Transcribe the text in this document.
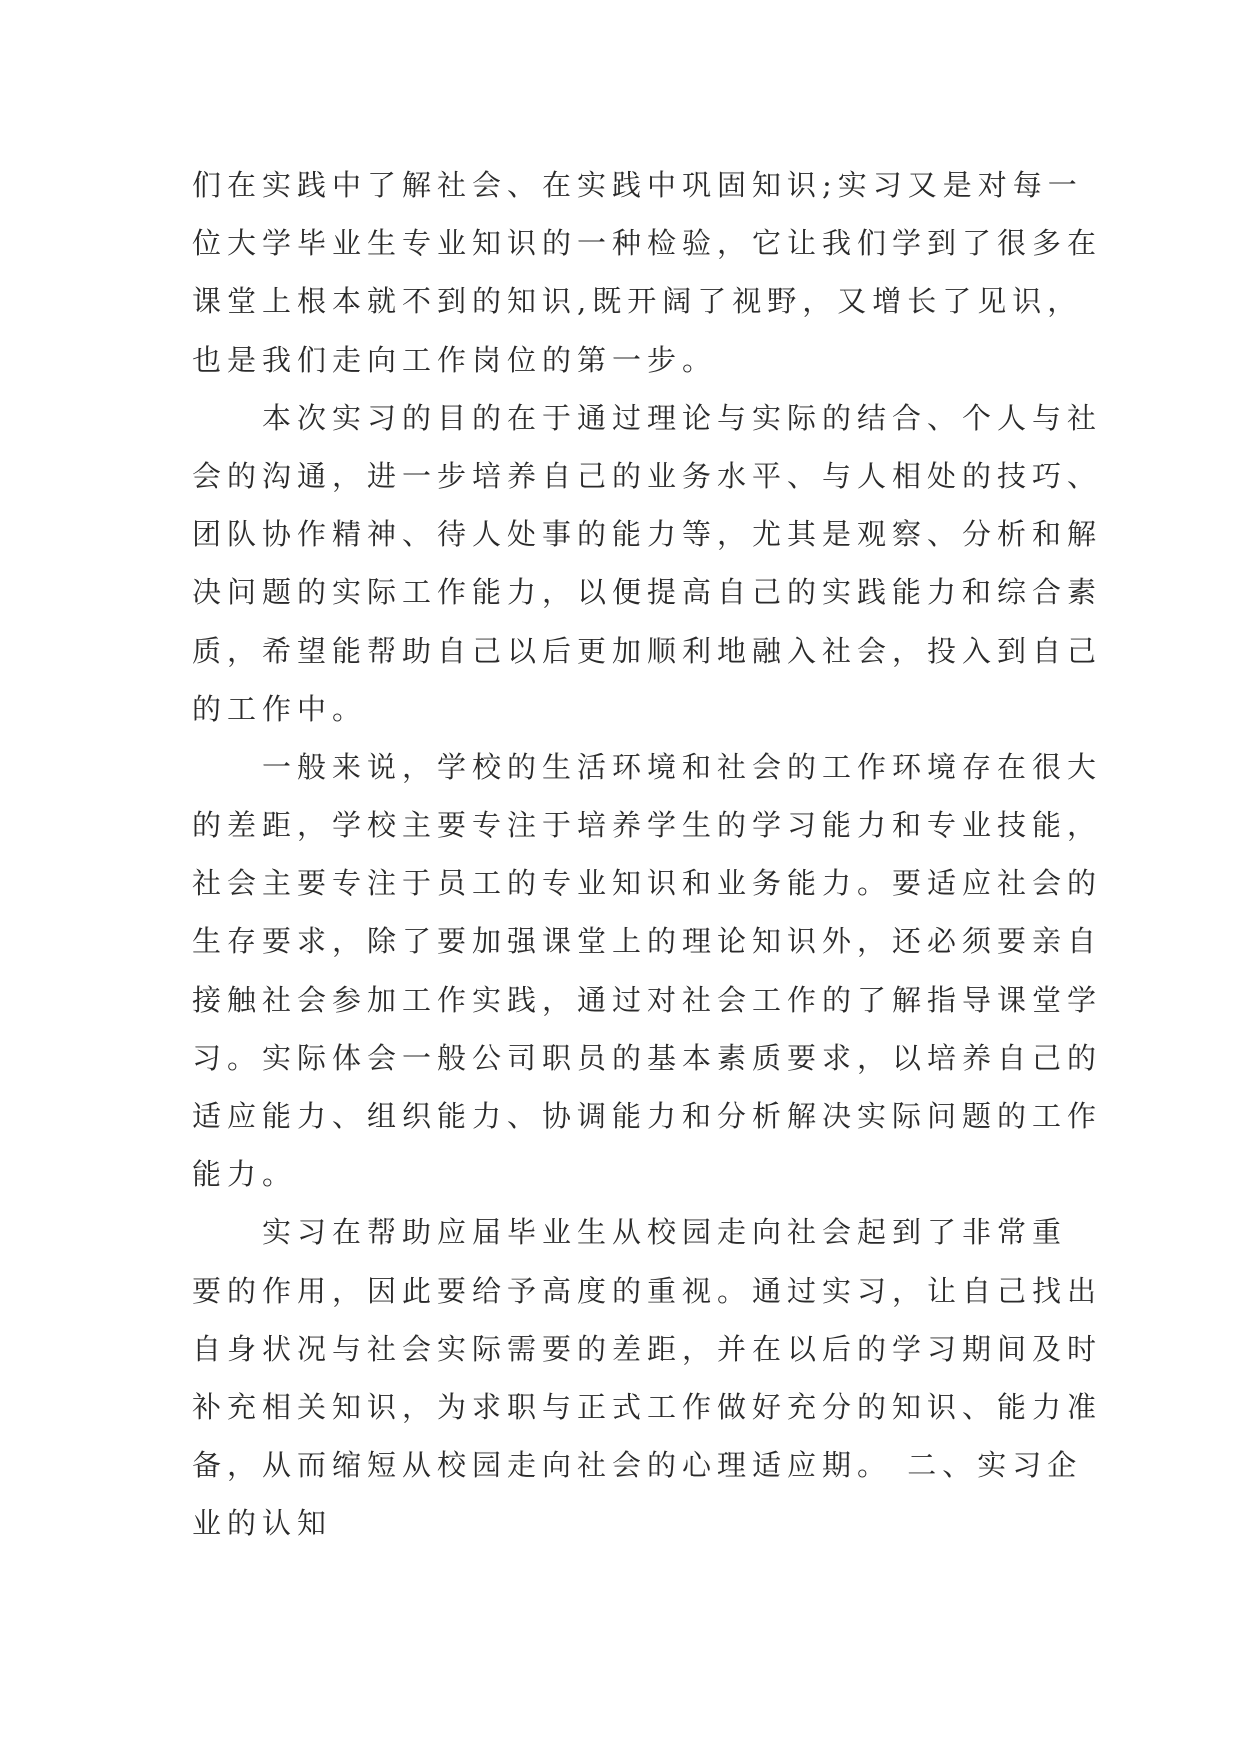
们在实践中了解社会、在实践中巩固知识;实习又是对每一
位大学毕业生专业知识的一种检验，它让我们学到了很多在
课堂上根本就不到的知识,既开阔了视野，又增长了见识，
也是我们走向工作岗位的第一步。
本次实习的目的在于通过理论与实际的结合、个人与社
会的沟通，进一步培养自己的业务水平、与人相处的技巧、
团队协作精神、待人处事的能力等，尤其是观察、分析和解
决问题的实际工作能力，以便提高自己的实践能力和综合素
质，希望能帮助自己以后更加顺利地融入社会，投入到自己
的工作中。
一般来说，学校的生活环境和社会的工作环境存在很大
的差距，学校主要专注于培养学生的学习能力和专业技能，
社会主要专注于员工的专业知识和业务能力。要适应社会的
生存要求，除了要加强课堂上的理论知识外，还必须要亲自
接触社会参加工作实践，通过对社会工作的了解指导课堂学
习。实际体会一般公司职员的基本素质要求，以培养自己的
适应能力、组织能力、协调能力和分析解决实际问题的工作
能力。
实习在帮助应届毕业生从校园走向社会起到了非常重
要的作用，因此要给予高度的重视。通过实习，让自己找出
自身状况与社会实际需要的差距，并在以后的学习期间及时
补充相关知识，为求职与正式工作做好充分的知识、能力准
备，从而缩短从校园走向社会的心理适应期。 二、实习企
业的认知
